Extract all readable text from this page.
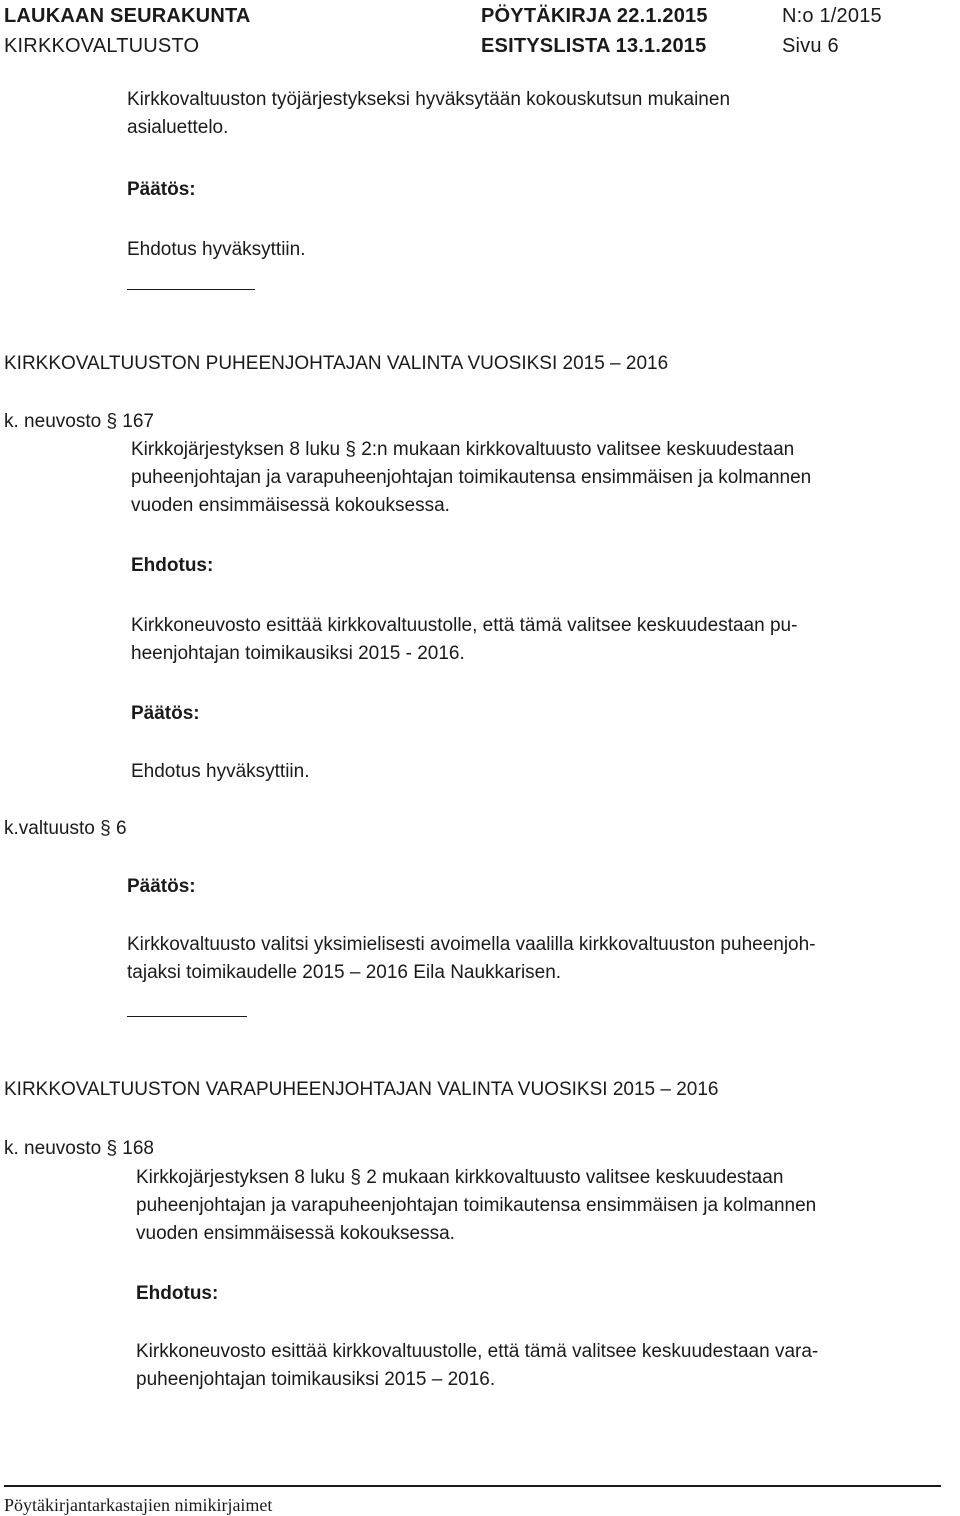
LAUKAAN SEURAKUNTA
KIRKKOVALTUUSTO
PÖYTÄKIRJA 22.1.2015
ESITYSLISTA 13.1.2015
N:o 1/2015
Sivu 6
Kirkkovaltuuston työjärjestykseksi hyväksytään kokouskutsun mukainen
asialuettelo.
Päätös:
Ehdotus hyväksyttiin.
KIRKKOVALTUUSTON PUHEENJOHTAJAN VALINTA VUOSIKSI 2015 – 2016
k. neuvosto § 167
Kirkkojärjestyksen 8 luku § 2:n mukaan kirkkovaltuusto valitsee keskuudestaan
puheenjohtajan ja varapuheenjohtajan toimikautensa ensimmäisen ja kolmannen
vuoden ensimmäisessä kokouksessa.
Ehdotus:
Kirkkoneuvosto esittää kirkkovaltuustolle, että tämä valitsee keskuudestaan pu-
heenjohtajan toimikausiksi 2015 - 2016.
Päätös:
Ehdotus hyväksyttiin.
k.valtuusto § 6
Päätös:
Kirkkovaltuusto valitsi yksimielisesti avoimella vaalilla kirkkovaltuuston puheenjoh-
tajaksi toimikaudelle 2015 – 2016 Eila Naukkarisen.
KIRKKOVALTUUSTON VARAPUHEENJOHTAJAN VALINTA VUOSIKSI 2015 – 2016
k. neuvosto § 168
Kirkkojärjestyksen 8 luku § 2 mukaan kirkkovaltuusto valitsee keskuudestaan
puheenjohtajan ja varapuheenjohtajan toimikautensa ensimmäisen ja kolmannen
vuoden ensimmäisessä kokouksessa.
Ehdotus:
Kirkkoneuvosto esittää kirkkovaltuustolle, että tämä valitsee keskuudestaan vara-
puheenjohtajan toimikausiksi 2015 – 2016.
Pöytäkirjantarkastajien nimikirjaimet
